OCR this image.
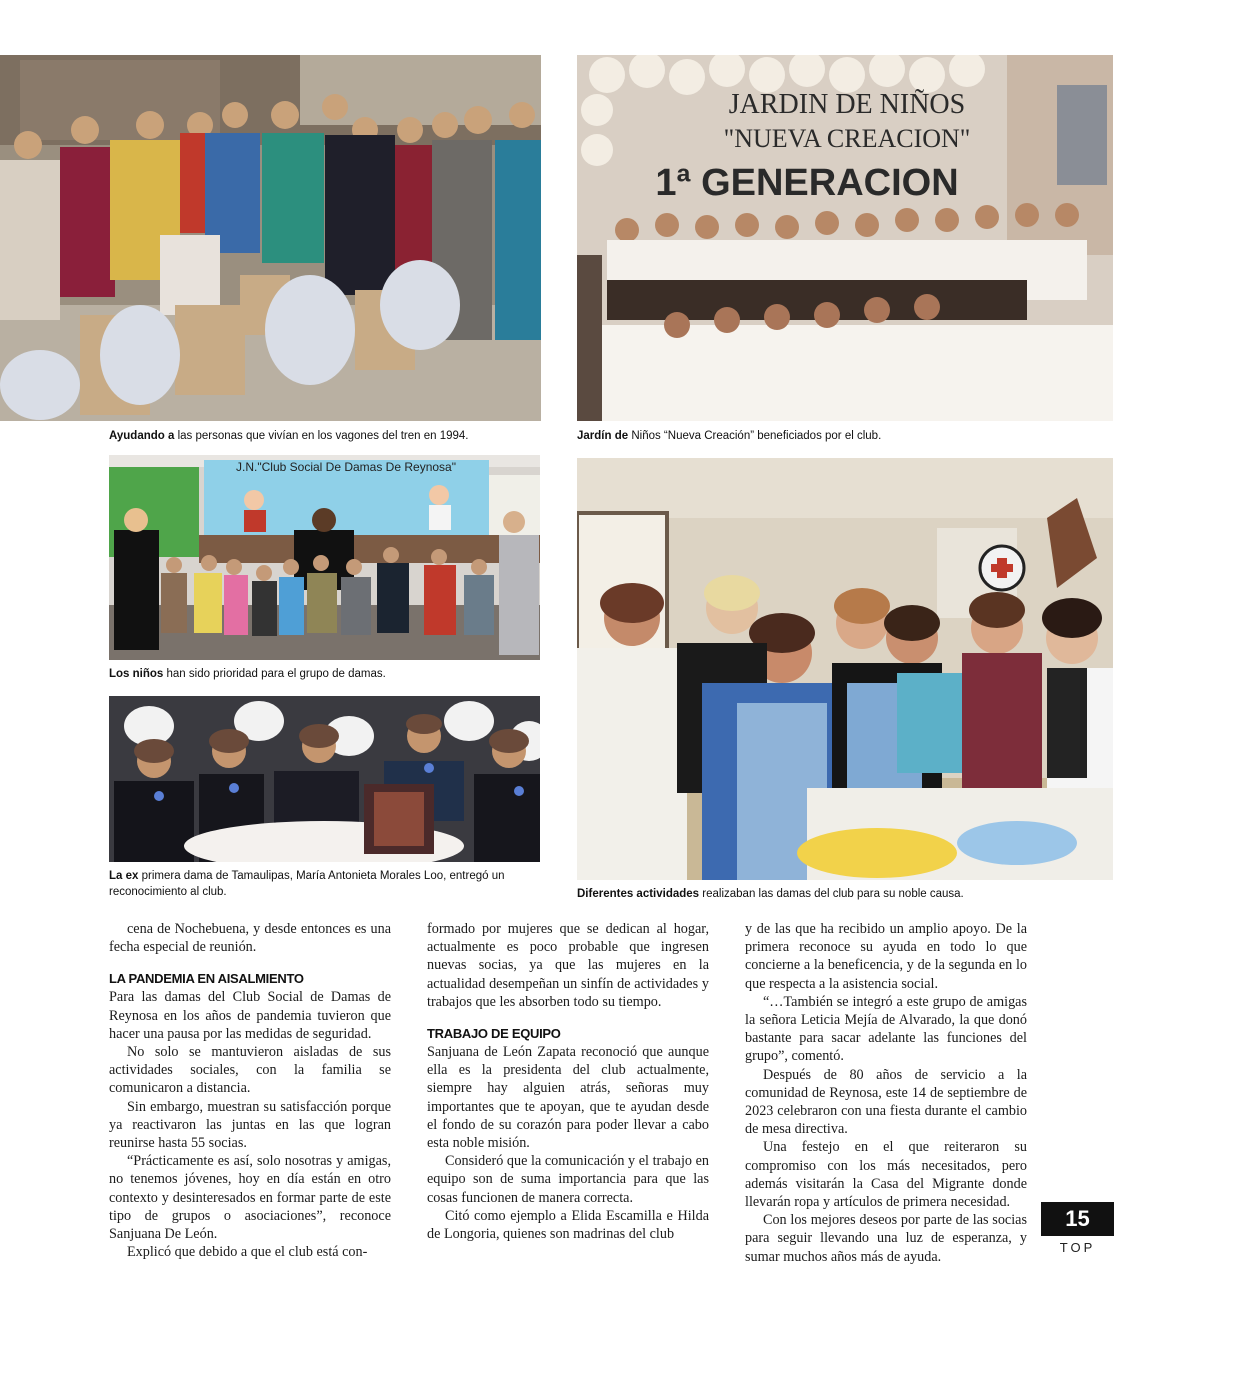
Ayudando a las personas que vivían en los vagones del tren en 1994.
JARDIN DE NIÑOS
"NUEVA CREACION"
1ª GENERACION
Jardín de Niños “Nueva Creación” beneficiados por el club.
J.N."Club Social De Damas De Reynosa"
Los niños han sido prioridad para el grupo de damas.
La ex primera dama de Tamaulipas, María Antonieta Morales Loo, entregó un reconocimiento al club.	Diferentes actividades realizaban las damas del club para su noble causa.

cena de Nochebuena, y desde entonces es una fecha especial de reunión.

LA PANDEMIA EN AISALMIENTO

Para las damas del Club Social de Damas de Reynosa en los años de pandemia tuvieron que hacer una pausa por las medidas de seguridad.

No solo se mantuvieron aisladas de sus actividades sociales, con la familia se comunicaron a distancia.

Sin embargo, muestran su satisfacción porque ya reactivaron las juntas en las que logran reunirse hasta 55 socias.

“Prácticamente es así, solo nosotras y amigas, no tenemos jóvenes, hoy en día están en otro contexto y desinteresados en formar parte de este tipo de grupos o asociaciones”, reconoce Sanjuana De León.

Explicó que debido a que el club está con-

formado por mujeres que se dedican al hogar, actualmente es poco probable que ingresen nuevas socias, ya que las mujeres en la actualidad desempeñan un sinfín de actividades y trabajos que les absorben todo su tiempo.

TRABAJO DE EQUIPO

Sanjuana de León Zapata reconoció que aunque ella es la presidenta del club actualmente, siempre hay alguien atrás, señoras muy importantes que te apoyan, que te ayudan desde el fondo de su corazón para poder llevar a cabo esta noble misión.

Consideró que la comunicación y el trabajo en equipo son de suma importancia para que las cosas funcionen de manera correcta.

Citó como ejemplo a Elida Escamilla e Hilda de Longoria, quienes son madrinas del club

y de las que ha recibido un amplio apoyo. De la primera reconoce su ayuda en todo lo que concierne a la beneficencia, y de la segunda en lo que respecta a la asistencia social.

“…También se integró a este grupo de amigas la señora Leticia Mejía de Alvarado, la que donó bastante para sacar adelante las funciones del grupo”, comentó.

Después de 80 años de servicio a la comunidad de Reynosa, este 14 de septiembre de 2023 celebraron con una fiesta durante el cambio de mesa directiva.

Una festejo en el que reiteraron su compromiso con los más necesitados, pero además visitarán la Casa del Migrante donde llevarán ropa y artículos de primera necesidad.

Con los mejores deseos por parte de las socias para seguir llevando una luz de esperanza, y sumar muchos años más de ayuda.

15
TOP
